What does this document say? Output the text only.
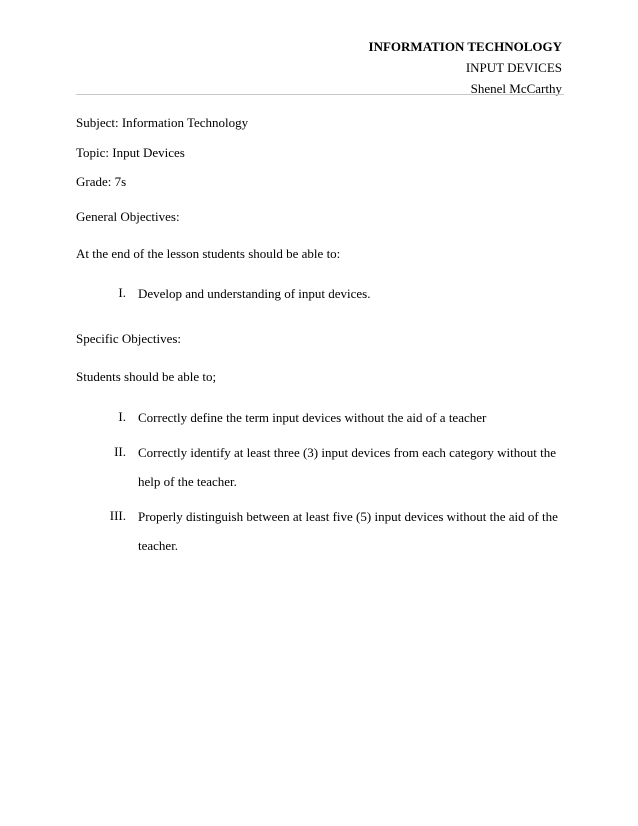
INFORMATION TECHNOLOGY
INPUT DEVICES
Shenel McCarthy

Subject: Information Technology

Topic: Input Devices

Grade: 7s

General Objectives:

At the end of the lesson students should be able to:

I. Develop and understanding of input devices.

Specific Objectives:

Students should be able to;

I. Correctly define the term input devices without the aid of a teacher
II. Correctly identify at least three (3) input devices from each category without the help of the teacher.
III. Properly distinguish between at least five (5) input devices without the aid of the teacher.
